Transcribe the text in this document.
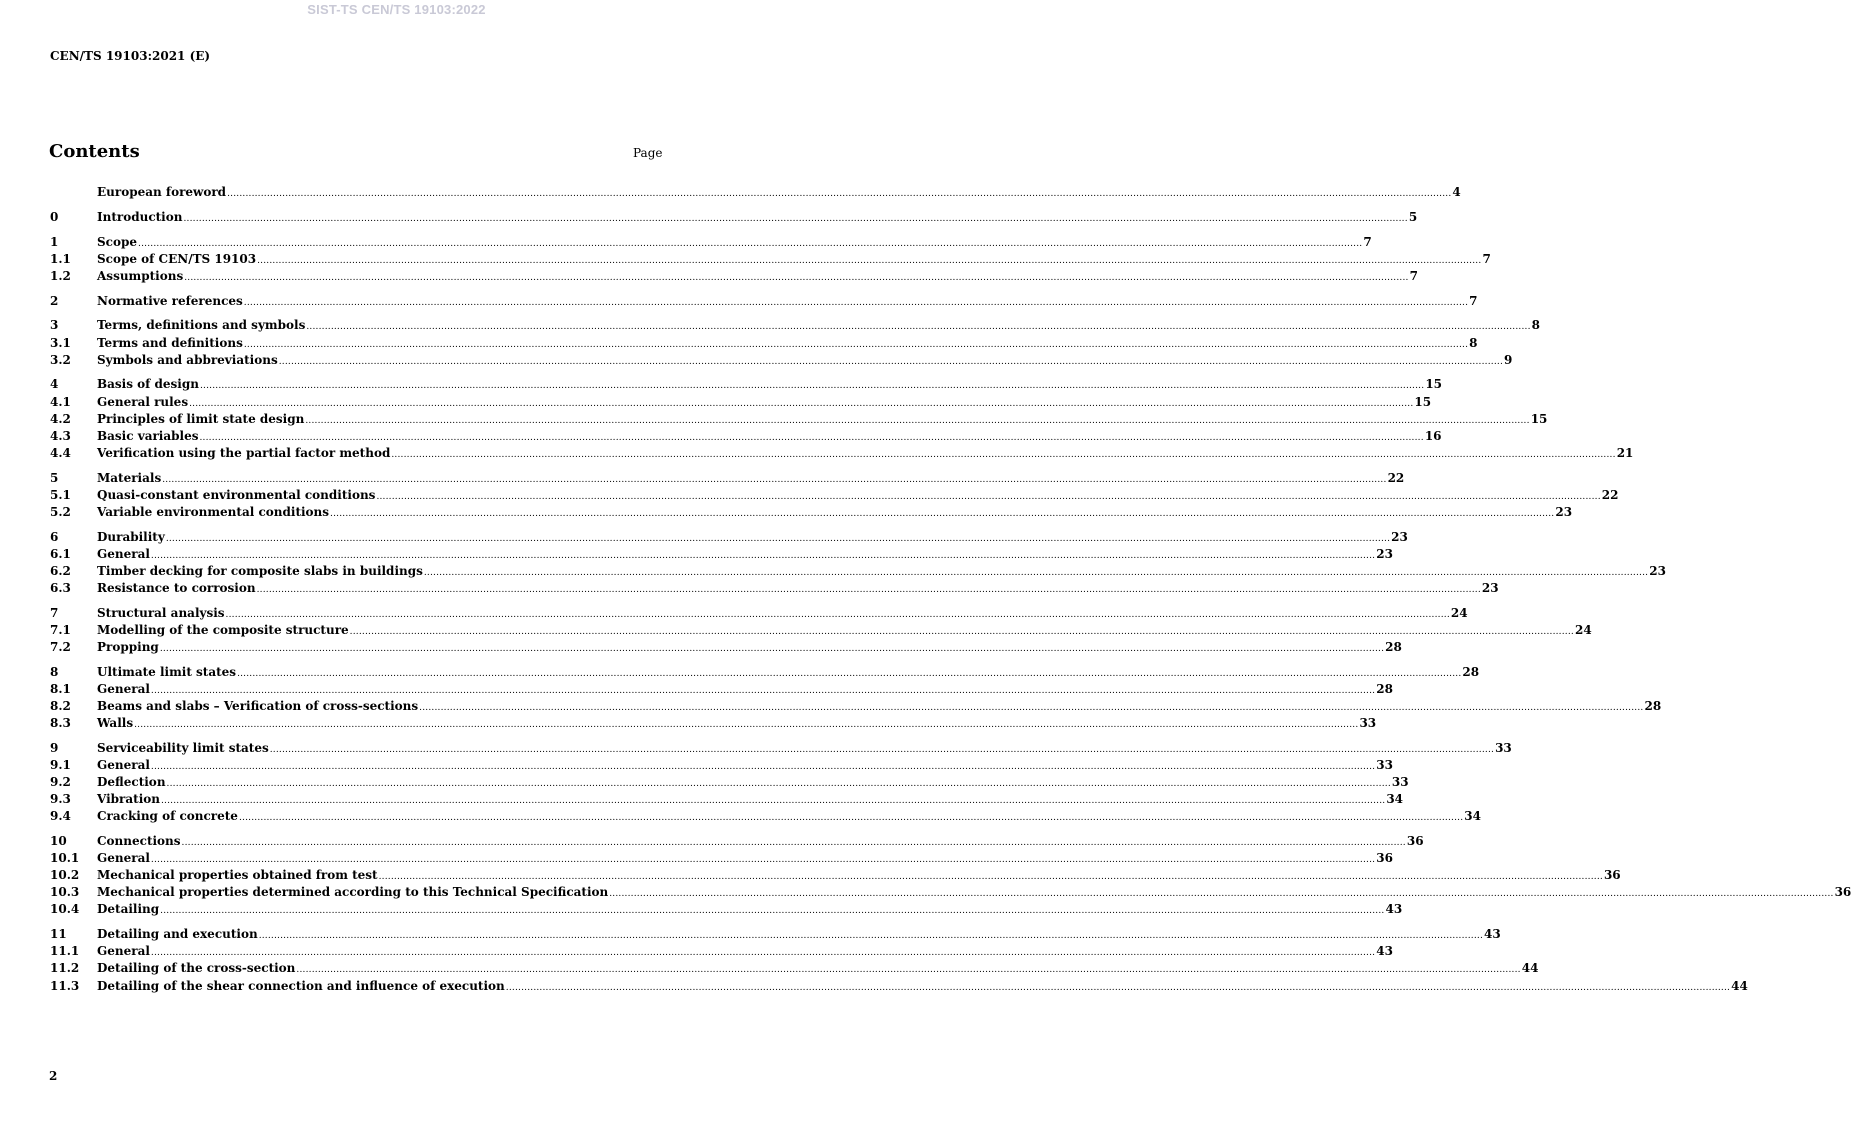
SIST-TS CEN/TS 19103:2022
CEN/TS 19103:2021 (E)
Contents	Page
European foreword ................................................................................................................................................................................................................................................................................................................................................................................................................ 4
0	Introduction ................................................................................................................................................................................................................................................................................................................................................................................................................ 5
1	Scope ................................................................................................................................................................................................................................................................................................................................................................................................................ 7
1.1	Scope of CEN/TS 19103 ................................................................................................................................................................................................................................................................................................................................................................................................................ 7
1.2	Assumptions ................................................................................................................................................................................................................................................................................................................................................................................................................ 7
2	Normative references ................................................................................................................................................................................................................................................................................................................................................................................................................ 7
3	Terms, definitions and symbols ................................................................................................................................................................................................................................................................................................................................................................................................................ 8
3.1	Terms and definitions ................................................................................................................................................................................................................................................................................................................................................................................................................ 8
3.2	Symbols and abbreviations ................................................................................................................................................................................................................................................................................................................................................................................................................ 9
4	Basis of design ................................................................................................................................................................................................................................................................................................................................................................................................................ 15
4.1	General rules ................................................................................................................................................................................................................................................................................................................................................................................................................ 15
4.2	Principles of limit state design ................................................................................................................................................................................................................................................................................................................................................................................................................ 15
4.3	Basic variables ................................................................................................................................................................................................................................................................................................................................................................................................................ 16
4.4	Verification using the partial factor method ................................................................................................................................................................................................................................................................................................................................................................................................................ 21
5	Materials ................................................................................................................................................................................................................................................................................................................................................................................................................ 22
5.1	Quasi-constant environmental conditions ................................................................................................................................................................................................................................................................................................................................................................................................................ 22
5.2	Variable environmental conditions ................................................................................................................................................................................................................................................................................................................................................................................................................ 23
6	Durability ................................................................................................................................................................................................................................................................................................................................................................................................................ 23
6.1	General ................................................................................................................................................................................................................................................................................................................................................................................................................ 23
6.2	Timber decking for composite slabs in buildings ................................................................................................................................................................................................................................................................................................................................................................................................................ 23
6.3	Resistance to corrosion ................................................................................................................................................................................................................................................................................................................................................................................................................ 23
7	Structural analysis ................................................................................................................................................................................................................................................................................................................................................................................................................ 24
7.1	Modelling of the composite structure ................................................................................................................................................................................................................................................................................................................................................................................................................ 24
7.2	Propping ................................................................................................................................................................................................................................................................................................................................................................................................................ 28
8	Ultimate limit states ................................................................................................................................................................................................................................................................................................................................................................................................................ 28
8.1	General ................................................................................................................................................................................................................................................................................................................................................................................................................ 28
8.2	Beams and slabs – Verification of cross-sections ................................................................................................................................................................................................................................................................................................................................................................................................................ 28
8.3	Walls ................................................................................................................................................................................................................................................................................................................................................................................................................ 33
9	Serviceability limit states ................................................................................................................................................................................................................................................................................................................................................................................................................ 33
9.1	General ................................................................................................................................................................................................................................................................................................................................................................................................................ 33
9.2	Deflection ................................................................................................................................................................................................................................................................................................................................................................................................................ 33
9.3	Vibration ................................................................................................................................................................................................................................................................................................................................................................................................................ 34
9.4	Cracking of concrete ................................................................................................................................................................................................................................................................................................................................................................................................................ 34
10	Connections ................................................................................................................................................................................................................................................................................................................................................................................................................ 36
10.1	General ................................................................................................................................................................................................................................................................................................................................................................................................................ 36
10.2	Mechanical properties obtained from test ................................................................................................................................................................................................................................................................................................................................................................................................................ 36
10.3	Mechanical properties determined according to this Technical Specification ................................................................................................................................................................................................................................................................................................................................................................................................................ 36
10.4	Detailing ................................................................................................................................................................................................................................................................................................................................................................................................................ 43
11	Detailing and execution ................................................................................................................................................................................................................................................................................................................................................................................................................ 43
11.1	General ................................................................................................................................................................................................................................................................................................................................................................................................................ 43
11.2	Detailing of the cross-section ................................................................................................................................................................................................................................................................................................................................................................................................................ 44
11.3	Detailing of the shear connection and influence of execution ................................................................................................................................................................................................................................................................................................................................................................................................................ 44
2
